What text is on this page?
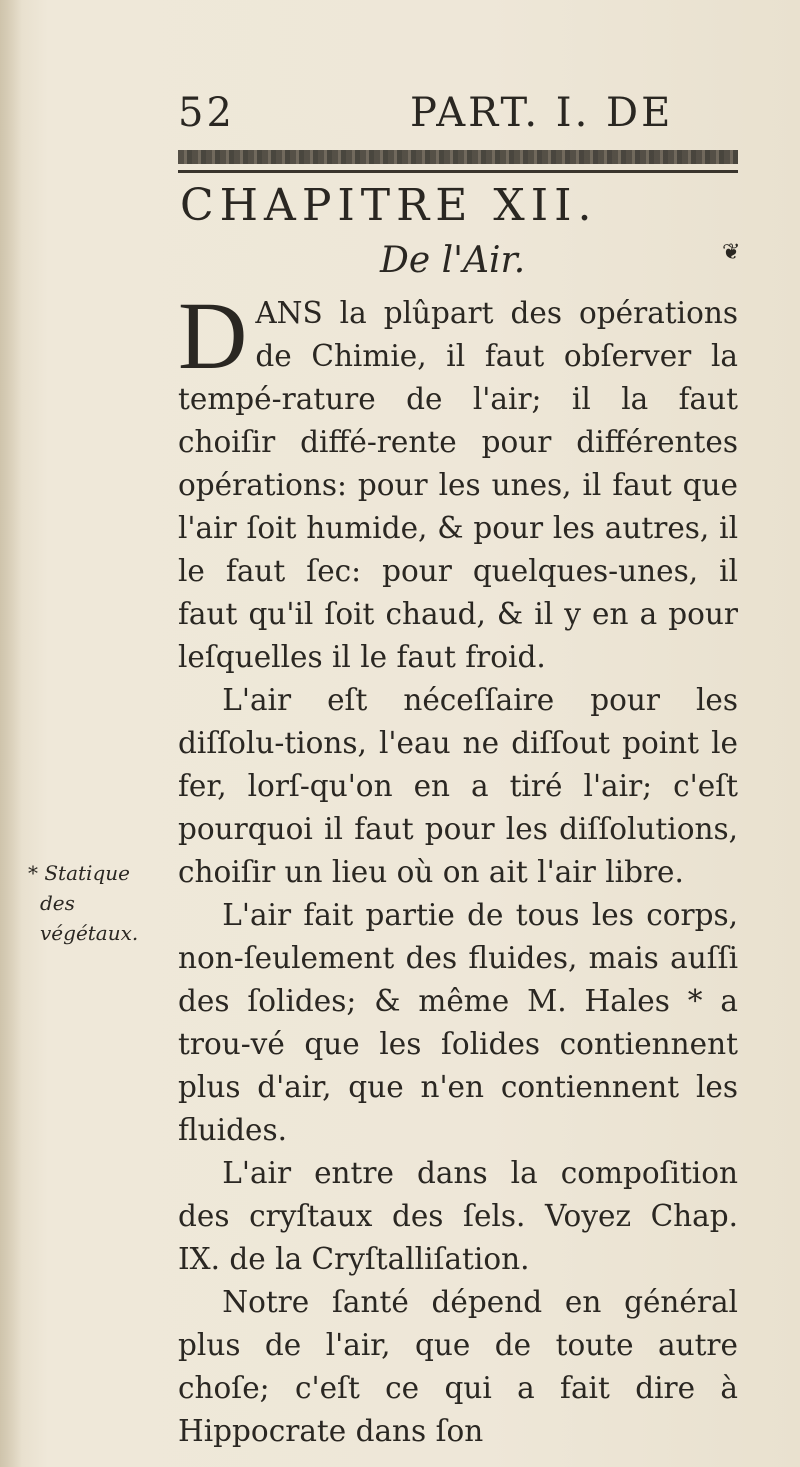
52	PART. I. DE
CHAPITRE XII.
De l'Air.	❦

DANS la plûpart des opérations de Chimie, il faut obſerver la tempé-rature de l'air; il la faut choiſir diffé-rente pour différentes opérations: pour les unes, il faut que l'air ſoit humide, & pour les autres, il le faut ſec: pour quelques-unes, il faut qu'il ſoit chaud, & il y en a pour leſquelles il le faut froid.

L'air eſt néceſſaire pour les diſſolu-tions, l'eau ne diſſout point le fer, lorſ-qu'on en a tiré l'air; c'eſt pourquoi il faut pour les diſſolutions, choiſir un lieu où on ait l'air libre.

L'air fait partie de tous les corps, non-ſeulement des fluides, mais auſſi des ſolides; & même M. Hales * a trou-vé que les ſolides contiennent plus d'air, que n'en contiennent les fluides.

L'air entre dans la compoſition des cryſtaux des ſels. Voyez Chap. IX. de la Cryſtalliſation.

Notre ſanté dépend en général plus de l'air, que de toute autre choſe; c'eſt ce qui a fait dire à Hippocrate dans ſon

* Statique
des végétaux.
